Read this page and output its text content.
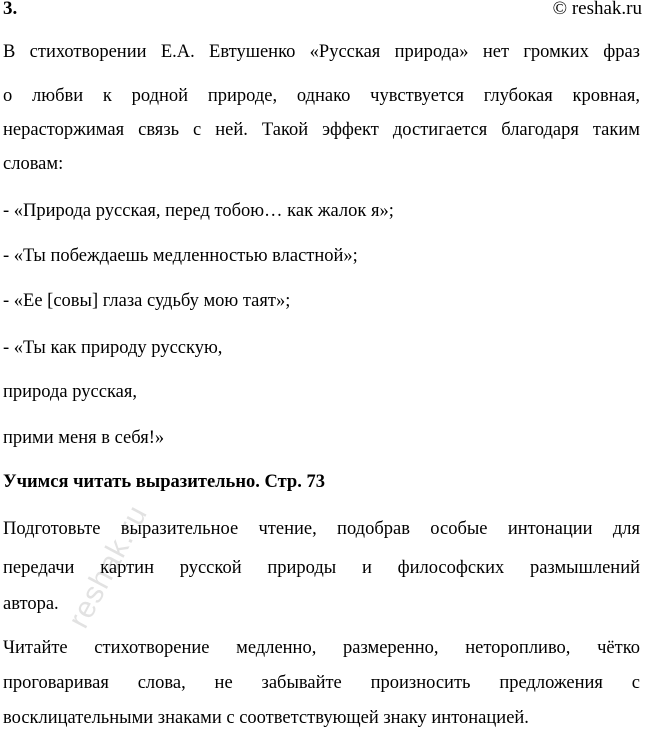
3.	© reshak.ru
reshak.ru
В стихотворении Е.А. Евтушенко «Русская природа» нет громких фраз
о любви к родной природе, однако чувствуется глубокая кровная,
нерасторжимая связь с ней. Такой эффект достигается благодаря таким
словам:
- «Природа русская, перед тобою… как жалок я»;
- «Ты побеждаешь медленностью властной»;
- «Ее [совы] глаза судьбу мою таят»;
- «Ты как природу русскую,
природа русская,
прими меня в себя!»
Учимся читать выразительно. Стр. 73
Подготовьте выразительное чтение, подобрав особые интонации для
передачи картин русской природы и философских размышлений
автора.
Читайте стихотворение медленно, размеренно, неторопливо, чётко
проговаривая слова, не забывайте произносить предложения с
восклицательными знаками с соответствующей знаку интонацией.
